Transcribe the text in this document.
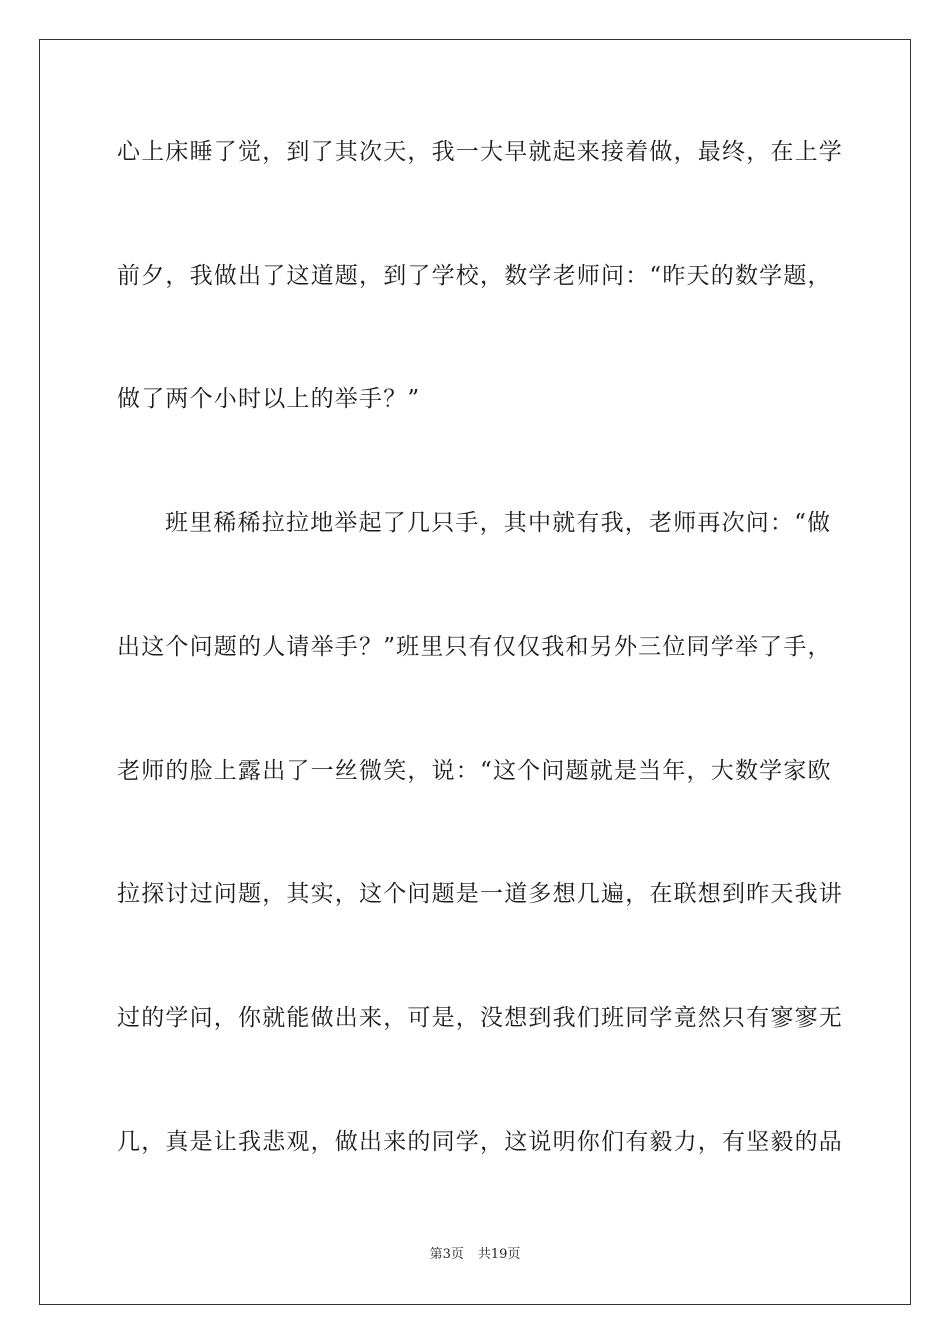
心上床睡了觉，到了其次天，我一大早就起来接着做，最终，在上学
前夕，我做出了这道题，到了学校，数学老师问：“昨天的数学题，
做了两个小时以上的举手？”
班里稀稀拉拉地举起了几只手，其中就有我，老师再次问：“做
出这个问题的人请举手？”班里只有仅仅我和另外三位同学举了手，
老师的脸上露出了一丝微笑，说：“这个问题就是当年，大数学家欧
拉探讨过问题，其实，这个问题是一道多想几遍，在联想到昨天我讲
过的学问，你就能做出来，可是，没想到我们班同学竟然只有寥寥无
几，真是让我悲观，做出来的同学，这说明你们有毅力，有坚毅的品
第3页 共19页
